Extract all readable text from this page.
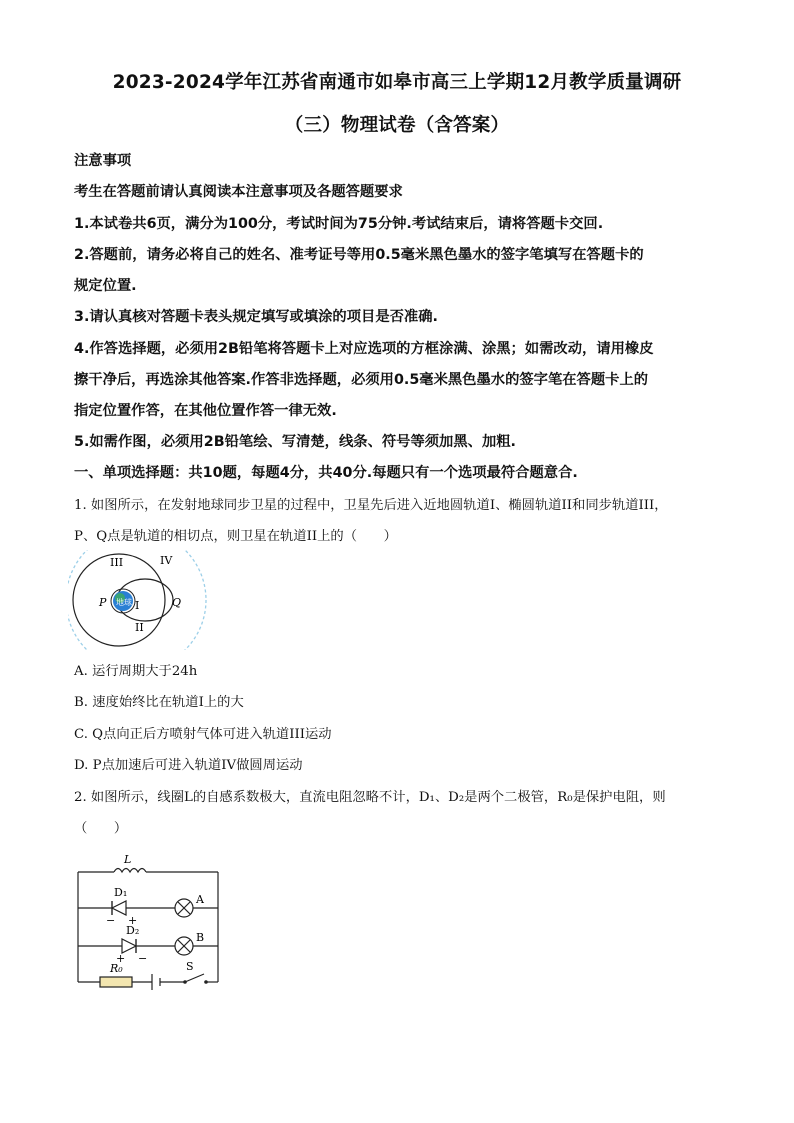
2023-2024学年江苏省南通市如皋市高三上学期12月教学质量调研
（三）物理试卷（含答案）
注意事项
考生在答题前请认真阅读本注意事项及各题答题要求
1.本试卷共6页，满分为100分，考试时间为75分钟.考试结束后，请将答题卡交回.
2.答题前，请务必将自己的姓名、准考证号等用0.5毫米黑色墨水的签字笔填写在答题卡的
规定位置.
3.请认真核对答题卡表头规定填写或填涂的项目是否准确.
4.作答选择题，必须用2B铅笔将答题卡上对应选项的方框涂满、涂黑；如需改动，请用橡皮
擦干净后，再选涂其他答案.作答非选择题，必须用0.5毫米黑色墨水的签字笔在答题卡上的
指定位置作答，在其他位置作答一律无效.
5.如需作图，必须用2B铅笔绘、写清楚，线条、符号等须加黑、加粗.
一、单项选择题：共10题，每题4分，共40分.每题只有一个选项最符合题意合.
1. 如图所示，在发射地球同步卫星的过程中，卫星先后进入近地圆轨道I、椭圆轨道II和同步轨道III，
P、Q点是轨道的相切点，则卫星在轨道II上的（　　）
地球
III	IV
P	Q
I
II
A. 运行周期大于24h
B. 速度始终比在轨道I上的大
C. Q点向正后方喷射气体可进入轨道III运动
D. P点加速后可进入轨道IV做圆周运动
2. 如图所示，线圈L的自感系数极大，直流电阻忽略不计，D₁、D₂是两个二极管，R₀是保护电阻，则
（　　）
L
D₁
D₂
A
B
R₀	S
− +
+ −
